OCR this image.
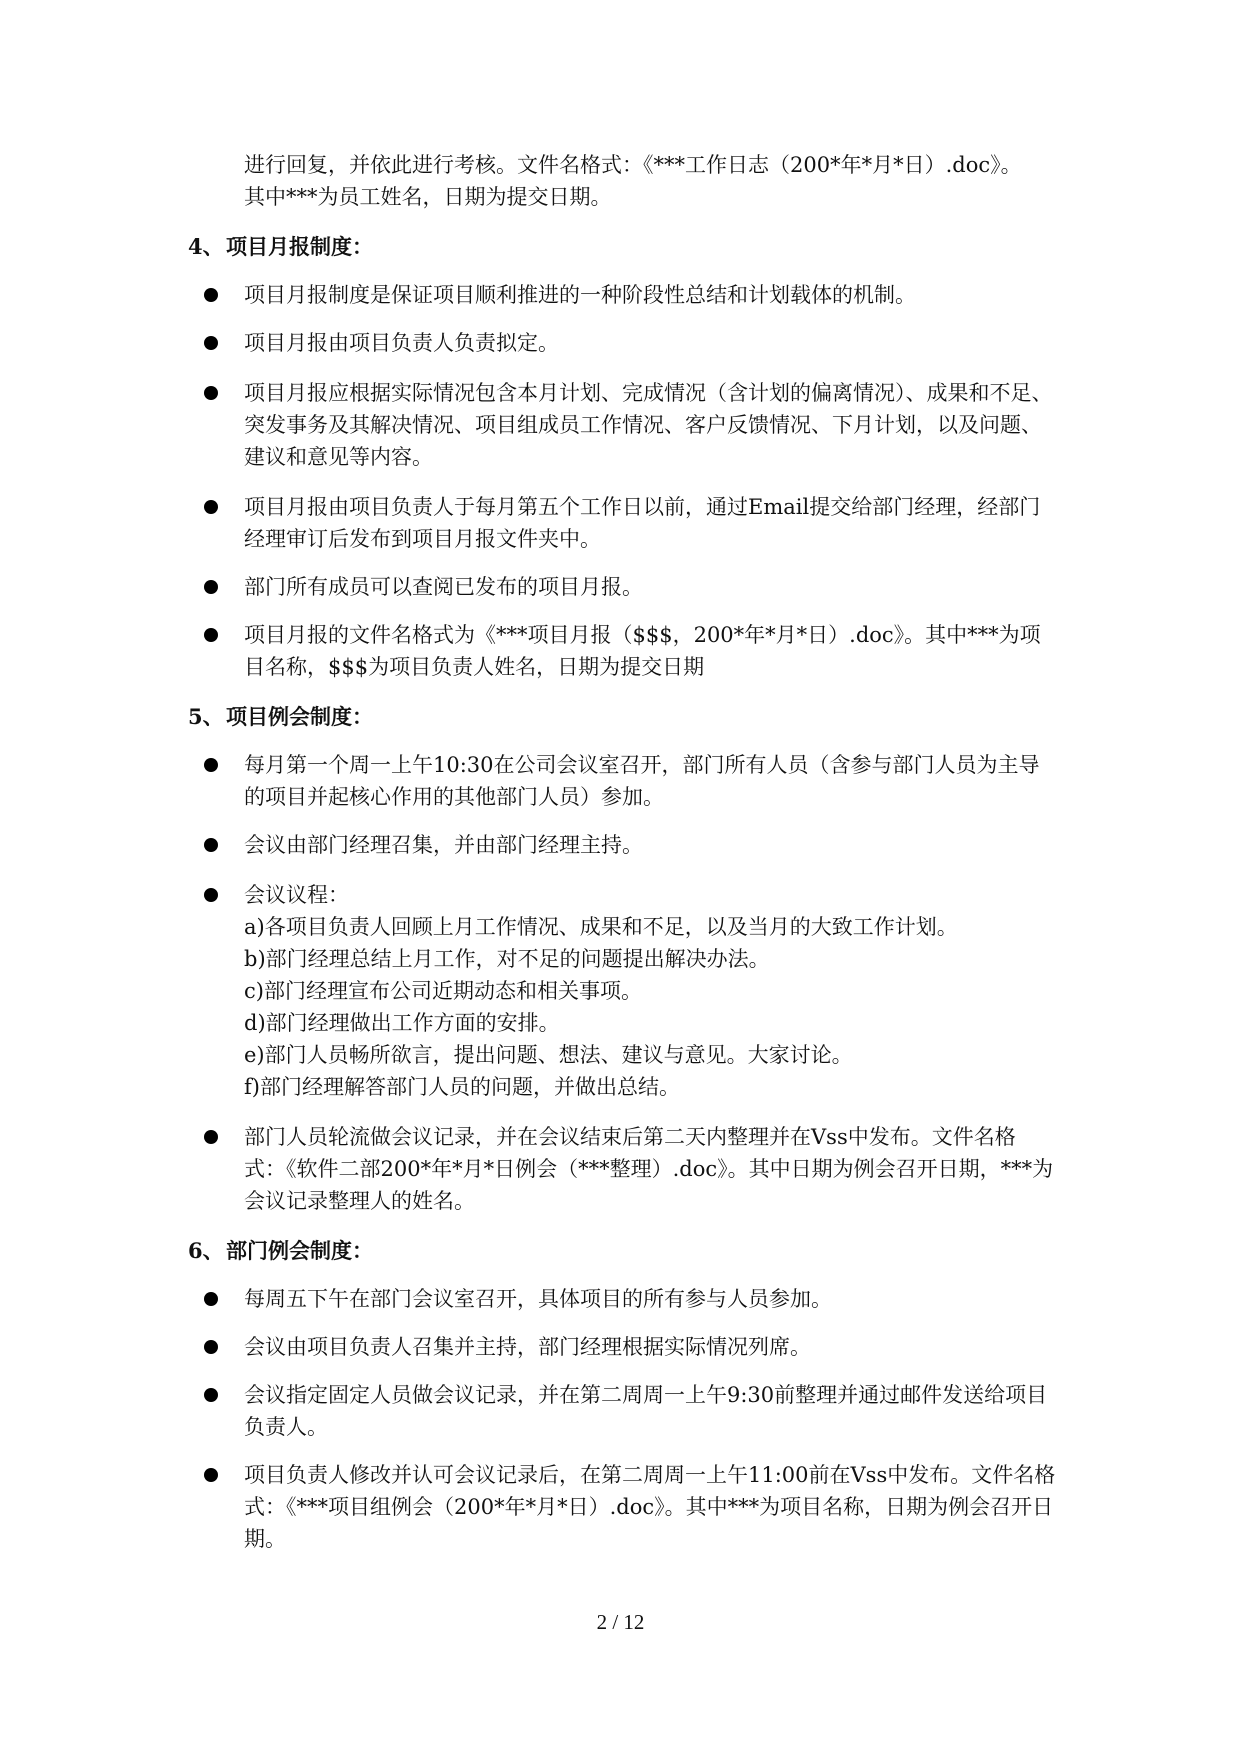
进行回复，并依此进行考核。文件名格式：《***工作日志（200*年*月*日）.doc》。
其中***为员工姓名，日期为提交日期。

4、 项目月报制度：

项目月报制度是保证项目顺利推进的一种阶段性总结和计划载体的机制。
项目月报由项目负责人负责拟定。
项目月报应根据实际情况包含本月计划、完成情况（含计划的偏离情况）、成果和不足、突发事务及其解决情况、项目组成员工作情况、客户反馈情况、下月计划，以及问题、建议和意见等内容。
项目月报由项目负责人于每月第五个工作日以前，通过Email提交给部门经理，经部门经理审订后发布到项目月报文件夹中。
部门所有成员可以查阅已发布的项目月报。
项目月报的文件名格式为《***项目月报（$$$，200*年*月*日）.doc》。其中***为项目名称，$$$为项目负责人姓名，日期为提交日期

5、 项目例会制度：

每月第一个周一上午10:30在公司会议室召开，部门所有人员（含参与部门人员为主导的项目并起核心作用的其他部门人员）参加。
会议由部门经理召集，并由部门经理主持。
会议议程：
a)各项目负责人回顾上月工作情况、成果和不足，以及当月的大致工作计划。
b)部门经理总结上月工作，对不足的问题提出解决办法。
c)部门经理宣布公司近期动态和相关事项。
d)部门经理做出工作方面的安排。
e)部门人员畅所欲言，提出问题、想法、建议与意见。大家讨论。
f)部门经理解答部门人员的问题，并做出总结。
部门人员轮流做会议记录，并在会议结束后第二天内整理并在Vss中发布。文件名格式：《软件二部200*年*月*日例会（***整理）.doc》。其中日期为例会召开日期，***为会议记录整理人的姓名。

6、 部门例会制度：

每周五下午在部门会议室召开，具体项目的所有参与人员参加。
会议由项目负责人召集并主持，部门经理根据实际情况列席。
会议指定固定人员做会议记录，并在第二周周一上午9:30前整理并通过邮件发送给项目负责人。
项目负责人修改并认可会议记录后，在第二周周一上午11:00前在Vss中发布。文件名格式：《***项目组例会（200*年*月*日）.doc》。其中***为项目名称，日期为例会召开日期。
2 / 12
